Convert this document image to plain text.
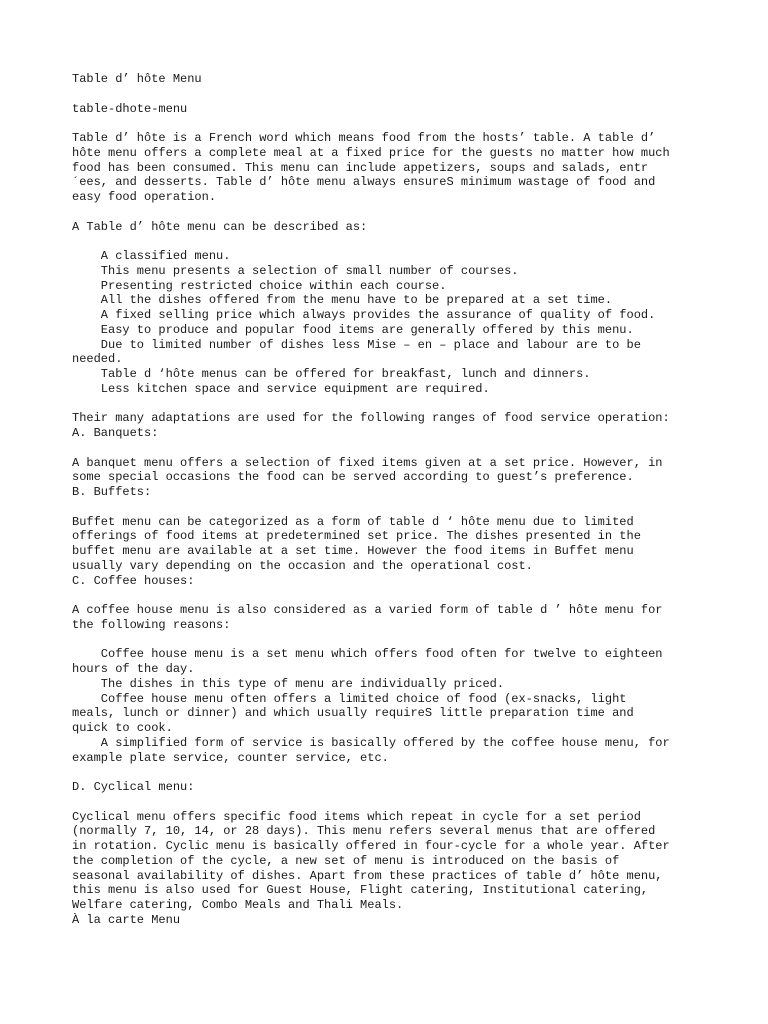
Table d’ hôte Menu
table-dhote-menu
Table d’ hôte is a French word which means food from the hosts’ table. A table d’
hôte menu offers a complete meal at a fixed price for the guests no matter how much
food has been consumed. This menu can include appetizers, soups and salads, entr
´ees, and desserts. Table d’ hôte menu always ensureS minimum wastage of food and
easy food operation.
A Table d’ hôte menu can be described as:
A classified menu.
This menu presents a selection of small number of courses.
Presenting restricted choice within each course.
All the dishes offered from the menu have to be prepared at a set time.
A fixed selling price which always provides the assurance of quality of food.
Easy to produce and popular food items are generally offered by this menu.
Due to limited number of dishes less Mise – en – place and labour are to be
needed.
Table d ‘hôte menus can be offered for breakfast, lunch and dinners.
Less kitchen space and service equipment are required.
Their many adaptations are used for the following ranges of food service operation:
A. Banquets:
A banquet menu offers a selection of fixed items given at a set price. However, in
some special occasions the food can be served according to guest’s preference.
B. Buffets:
Buffet menu can be categorized as a form of table d ‘ hôte menu due to limited
offerings of food items at predetermined set price. The dishes presented in the
buffet menu are available at a set time. However the food items in Buffet menu
usually vary depending on the occasion and the operational cost.
C. Coffee houses:
A coffee house menu is also considered as a varied form of table d ’ hôte menu for
the following reasons:
Coffee house menu is a set menu which offers food often for twelve to eighteen
hours of the day.
The dishes in this type of menu are individually priced.
Coffee house menu often offers a limited choice of food (ex-snacks, light
meals, lunch or dinner) and which usually requireS little preparation time and
quick to cook.
A simplified form of service is basically offered by the coffee house menu, for
example plate service, counter service, etc.
D. Cyclical menu:
Cyclical menu offers specific food items which repeat in cycle for a set period
(normally 7, 10, 14, or 28 days). This menu refers several menus that are offered
in rotation. Cyclic menu is basically offered in four-cycle for a whole year. After
the completion of the cycle, a new set of menu is introduced on the basis of
seasonal availability of dishes. Apart from these practices of table d’ hôte menu,
this menu is also used for Guest House, Flight catering, Institutional catering,
Welfare catering, Combo Meals and Thali Meals.
À la carte Menu
